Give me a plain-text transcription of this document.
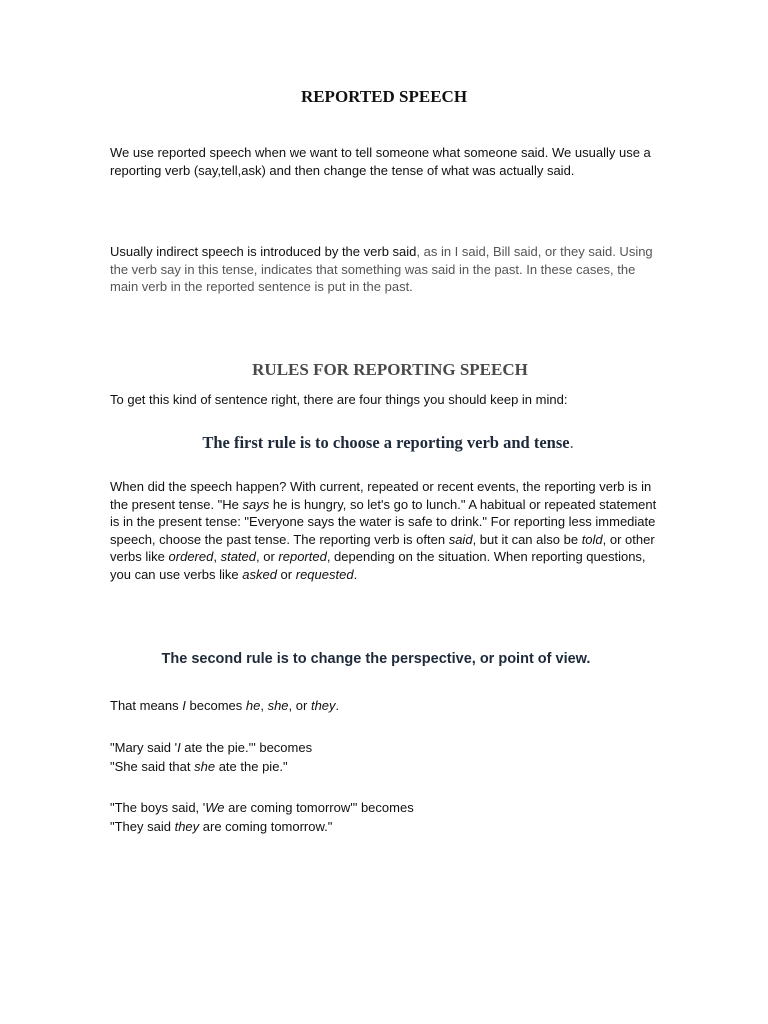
REPORTED SPEECH
We use reported speech when we want to tell someone what someone said. We usually use a reporting verb (say,tell,ask) and then change the tense of what was actually said.
Usually indirect speech is introduced by the verb said, as in I said, Bill said, or they said. Using the verb say in this tense, indicates that something was said in the past. In these cases, the main verb in the reported sentence is put in the past.
RULES FOR REPORTING SPEECH
To get this kind of sentence right, there are four things you should keep in mind:
The first rule is to choose a reporting verb and tense.
When did the speech happen? With current, repeated or recent events, the reporting verb is in the present tense. "He says he is hungry, so let's go to lunch." A habitual or repeated statement is in the present tense: "Everyone says the water is safe to drink." For reporting less immediate speech, choose the past tense. The reporting verb is often said, but it can also be told, or other verbs like ordered, stated, or reported, depending on the situation. When reporting questions, you can use verbs like asked or requested.
The second rule is to change the perspective, or point of view.
That means I becomes he, she, or they.
"Mary said 'I ate the pie.'" becomes
"She said that she ate the pie."
"The boys said, 'We are coming tomorrow'" becomes
"They said they are coming tomorrow."
